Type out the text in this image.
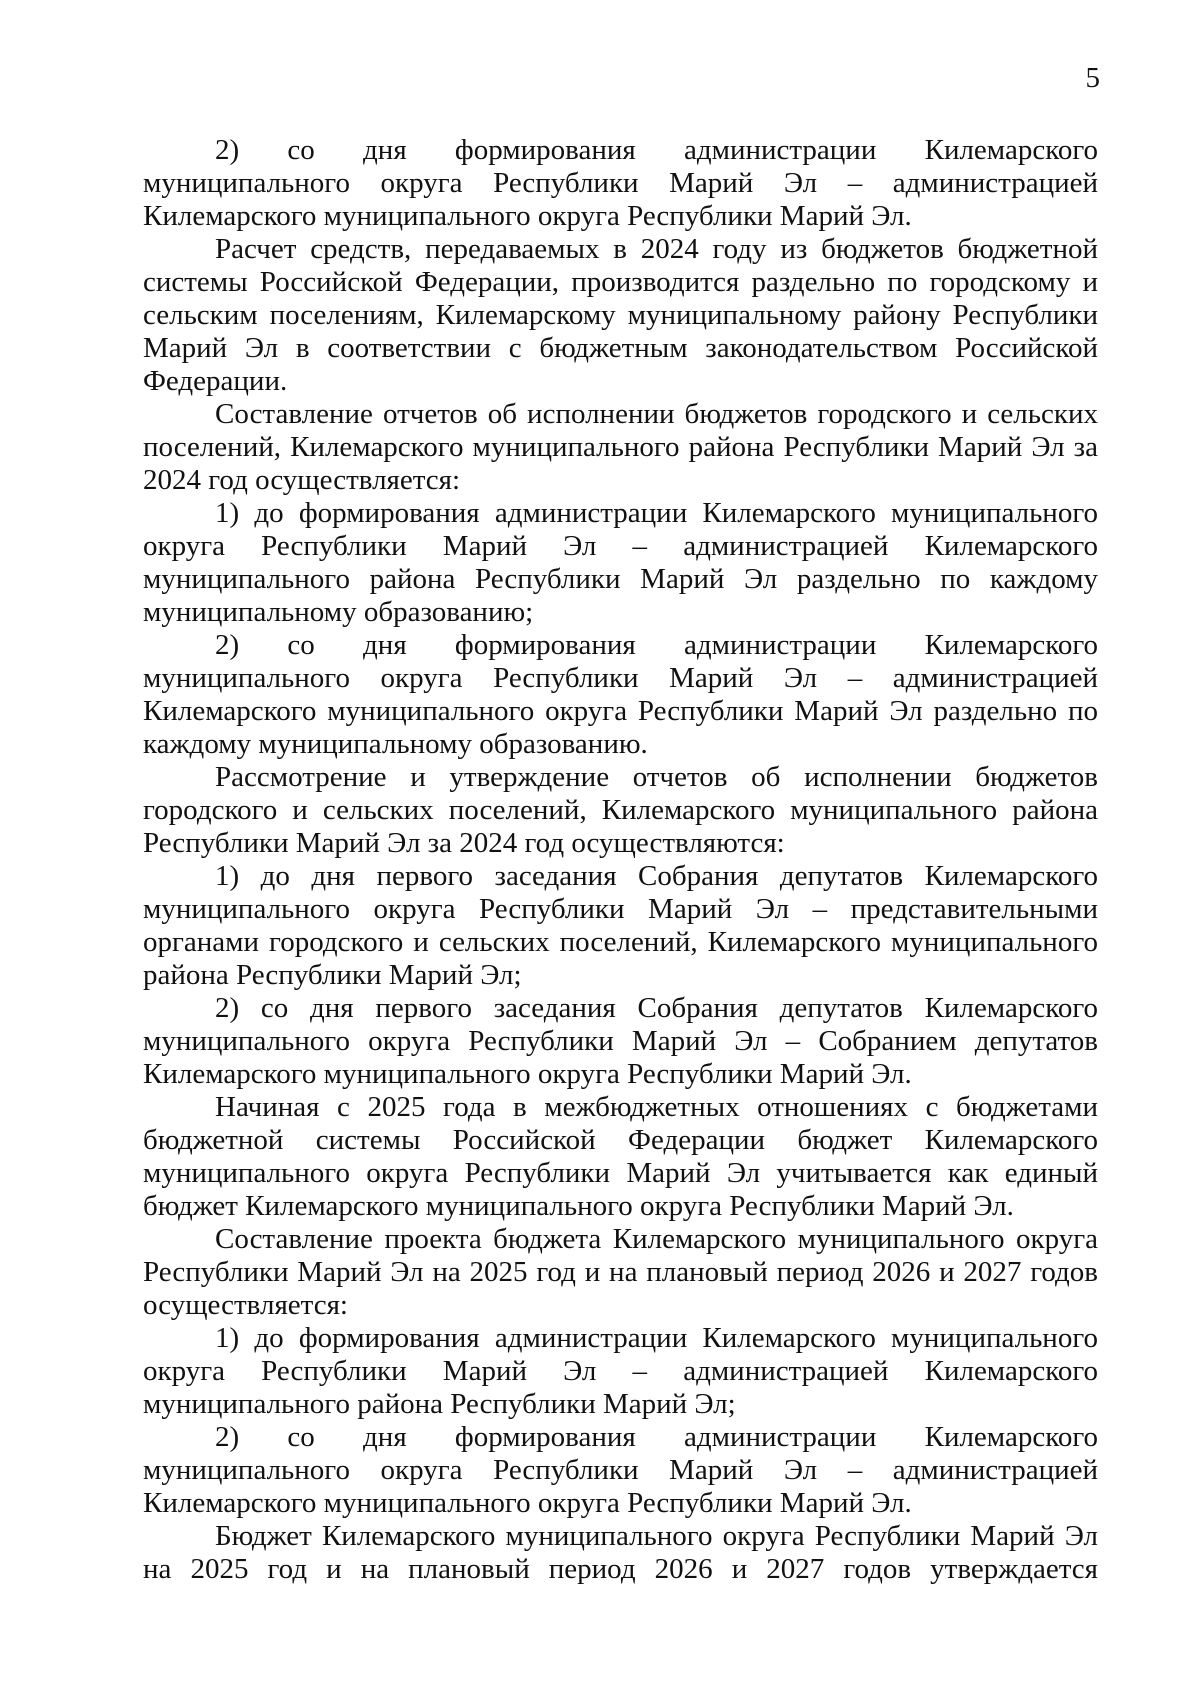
5

2) со дня формирования администрации Килемарского муниципального округа Республики Марий Эл – администрацией Килемарского муниципального округа Республики Марий Эл.

Расчет средств, передаваемых в 2024 году из бюджетов бюджетной системы Российской Федерации, производится раздельно по городскому и сельским поселениям, Килемарскому муниципальному району Республики Марий Эл в соответствии с бюджетным законодательством Российской Федерации.

Составление отчетов об исполнении бюджетов городского и сельских поселений, Килемарского муниципального района Республики Марий Эл за 2024 год осуществляется:

1) до формирования администрации Килемарского муниципального округа Республики Марий Эл – администрацией Килемарского муниципального района Республики Марий Эл раздельно по каждому муниципальному образованию;

2) со дня формирования администрации Килемарского муниципального округа Республики Марий Эл – администрацией Килемарского муниципального округа Республики Марий Эл раздельно по каждому муниципальному образованию.

Рассмотрение и утверждение отчетов об исполнении бюджетов городского и сельских поселений, Килемарского муниципального района Республики Марий Эл за 2024 год осуществляются:

1) до дня первого заседания Собрания депутатов Килемарского муниципального округа Республики Марий Эл – представительными органами городского и сельских поселений, Килемарского муниципального района Республики Марий Эл;

2) со дня первого заседания Собрания депутатов Килемарского муниципального округа Республики Марий Эл – Собранием депутатов Килемарского муниципального округа Республики Марий Эл.

Начиная с 2025 года в межбюджетных отношениях с бюджетами бюджетной системы Российской Федерации бюджет Килемарского муниципального округа Республики Марий Эл учитывается как единый бюджет Килемарского муниципального округа Республики Марий Эл.

Составление проекта бюджета Килемарского муниципального округа Республики Марий Эл на 2025 год и на плановый период 2026 и 2027 годов осуществляется:

1) до формирования администрации Килемарского муниципального округа Республики Марий Эл – администрацией Килемарского муниципального района Республики Марий Эл;

2) со дня формирования администрации Килемарского муниципального округа Республики Марий Эл – администрацией Килемарского муниципального округа Республики Марий Эл.

Бюджет Килемарского муниципального округа Республики Марий Эл на 2025 год и на плановый период 2026 и 2027 годов утверждается
